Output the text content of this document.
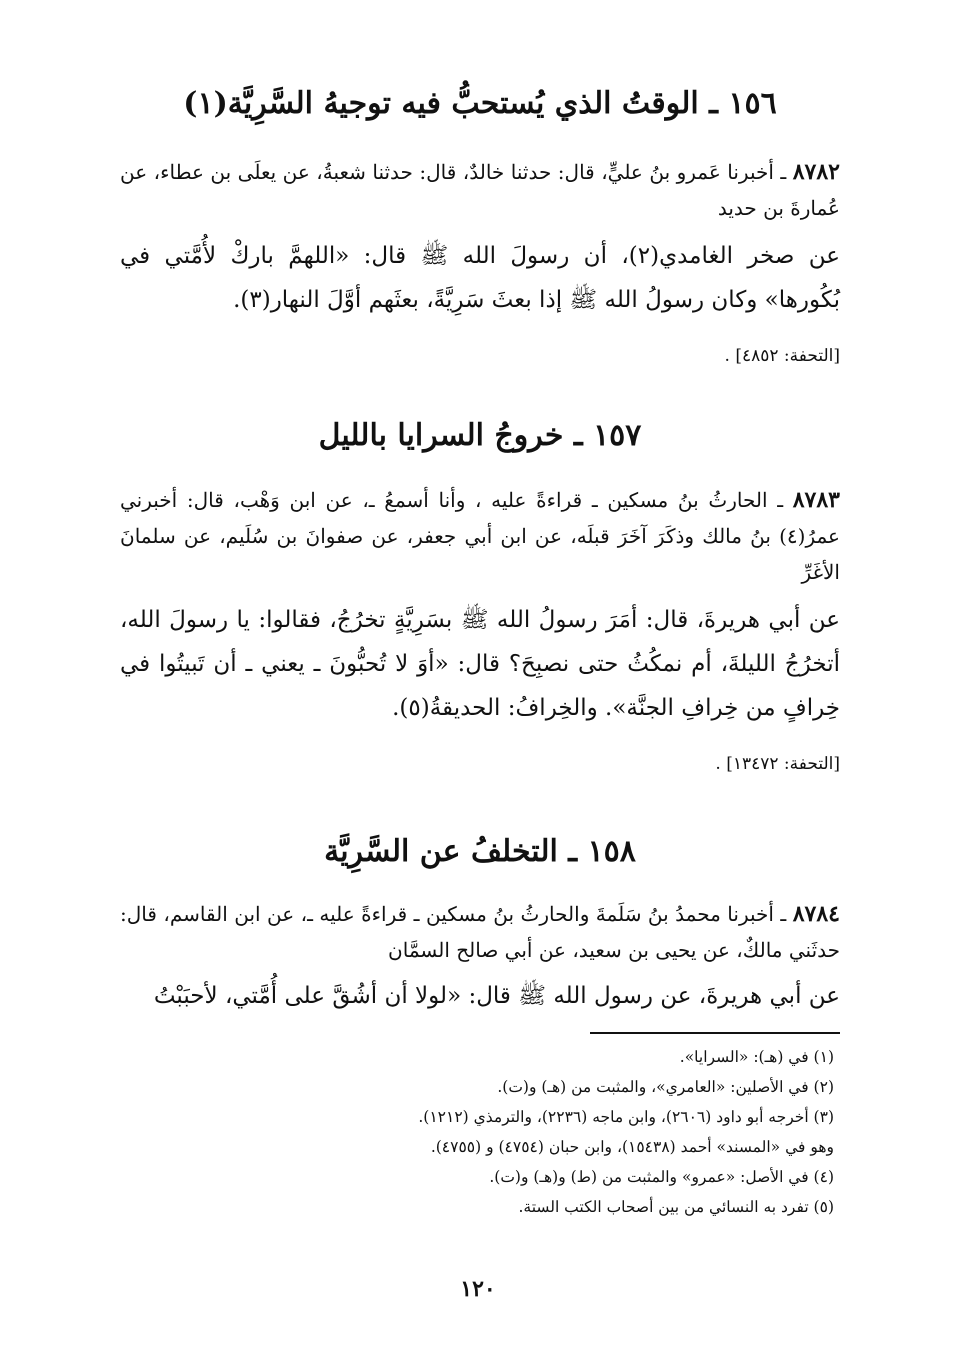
١٥٦ ـ الوقتُ الذي يُستحبُّ فيه توجيهُ السَّرِيَّة(١)

٨٧٨٢ ـ أخبرنا عَمرو بنُ عليٍّ، قال: حدثنا خالدٌ، قال: حدثنا شعبةُ، عن يعلَى بن عطاء، عن عُمارةَ بن حديد

عن صخر الغامدي(٢)، أن رسولَ الله ﷺ قال: «اللهمَّ باركْ لأُمَّتي في بُكُورها» وكان رسولُ الله ﷺ إذا بعثَ سَرِيَّةً، بعثَهم أوَّلَ النهار(٣).

[التحفة: ٤٨٥٢] .

١٥٧ ـ خروجُ السرايا بالليل

٨٧٨٣ ـ الحارثُ بنُ مسكين ـ قراءةً عليه ، وأنا أسمعُ ـ، عن ابن وَهْب، قال: أخبرني عمرُ(٤) بنُ مالك وذكَرَ آخَرَ قبلَه، عن ابن أبي جعفر، عن صفوانَ بن سُلَيم، عن سلمانَ الأغَرِّ

عن أبي هريرةَ، قال: أمَرَ رسولُ الله ﷺ بسَرِيَّةٍ تخرُجُ، فقالوا: يا رسولَ الله، أتخرُجُ الليلةَ، أم نمكُثُ حتى نصبِحَ؟ قال: «أوَ لا تُحبُّونَ ـ يعني ـ أن تَبيتُوا في خِرافٍ من خِرافِ الجنَّة». والخِرافُ: الحديقةُ(٥).

[التحفة: ١٣٤٧٢] .

١٥٨ ـ التخلفُ عن السَّرِيَّة

٨٧٨٤ ـ أخبرنا محمدُ بنُ سَلَمةَ والحارثُ بنُ مسكين ـ قراءةً عليه ـ، عن ابن القاسم، قال: حدثَني مالكٌ، عن يحيى بن سعيد، عن أبي صالح السمَّان

عن أبي هريرةَ، عن رسول الله ﷺ قال: «لولا أن أشُقَّ على أُمَّتي، لأحبَبْتُ

(١) في (هـ): «السرايا».

(٢) في الأصلين: «العامري»، والمثبت من (هـ) و(ت).

(٣) أخرجه أبو داود (٢٦٠٦)، وابن ماجه (٢٢٣٦)، والترمذي (١٢١٢).

وهو في «المسند» أحمد (١٥٤٣٨)، وابن حبان (٤٧٥٤) و (٤٧٥٥).

(٤) في الأصل: «عمرو» والمثبت من (ط) و(هـ) و(ت).

(٥) تفرد به النسائي من بين أصحاب الكتب الستة.

١٢٠
